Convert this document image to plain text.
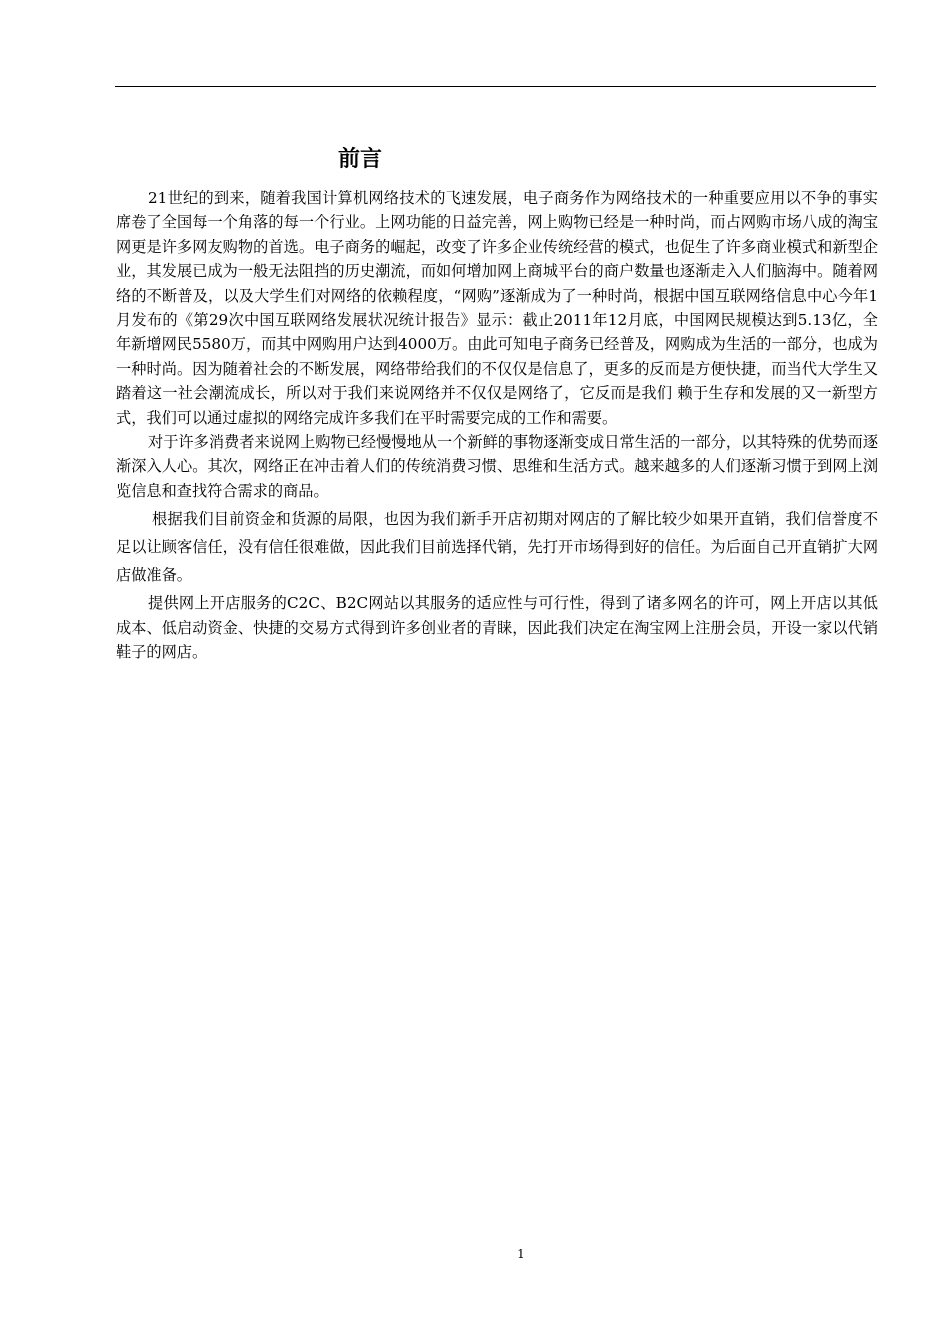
前言

21世纪的到来，随着我国计算机网络技术的飞速发展，电子商务作为网络技术的一种重要应用以不争的事实席卷了全国每一个角落的每一个行业。上网功能的日益完善，网上购物已经是一种时尚，而占网购市场八成的淘宝网更是许多网友购物的首选。电子商务的崛起，改变了许多企业传统经营的模式，也促生了许多商业模式和新型企业，其发展已成为一般无法阻挡的历史潮流，而如何增加网上商城平台的商户数量也逐渐走入人们脑海中。随着网络的不断普及，以及大学生们对网络的依赖程度，“网购”逐渐成为了一种时尚，根据中国互联网络信息中心今年1月发布的《第29次中国互联网络发展状况统计报告》显示：截止2011年12月底，中国网民规模达到5.13亿，全年新增网民5580万，而其中网购用户达到4000万。由此可知电子商务已经普及，网购成为生活的一部分，也成为一种时尚。因为随着社会的不断发展，网络带给我们的不仅仅是信息了，更多的反而是方便快捷，而当代大学生又踏着这一社会潮流成长，所以对于我们来说网络并不仅仅是网络了，它反而是我们 赖于生存和发展的又一新型方式，我们可以通过虚拟的网络完成许多我们在平时需要完成的工作和需要。

对于许多消费者来说网上购物已经慢慢地从一个新鲜的事物逐渐变成日常生活的一部分，以其特殊的优势而逐渐深入人心。其次，网络正在冲击着人们的传统消费习惯、思维和生活方式。越来越多的人们逐渐习惯于到网上浏览信息和查找符合需求的商品。

根据我们目前资金和货源的局限，也因为我们新手开店初期对网店的了解比较少如果开直销，我们信誉度不足以让顾客信任，没有信任很难做，因此我们目前选择代销，先打开市场得到好的信任。为后面自己开直销扩大网店做准备。

提供网上开店服务的C2C、B2C网站以其服务的适应性与可行性，得到了诸多网名的许可，网上开店以其低成本、低启动资金、快捷的交易方式得到许多创业者的青睐，因此我们决定在淘宝网上注册会员，开设一家以代销鞋子的网店。

1
